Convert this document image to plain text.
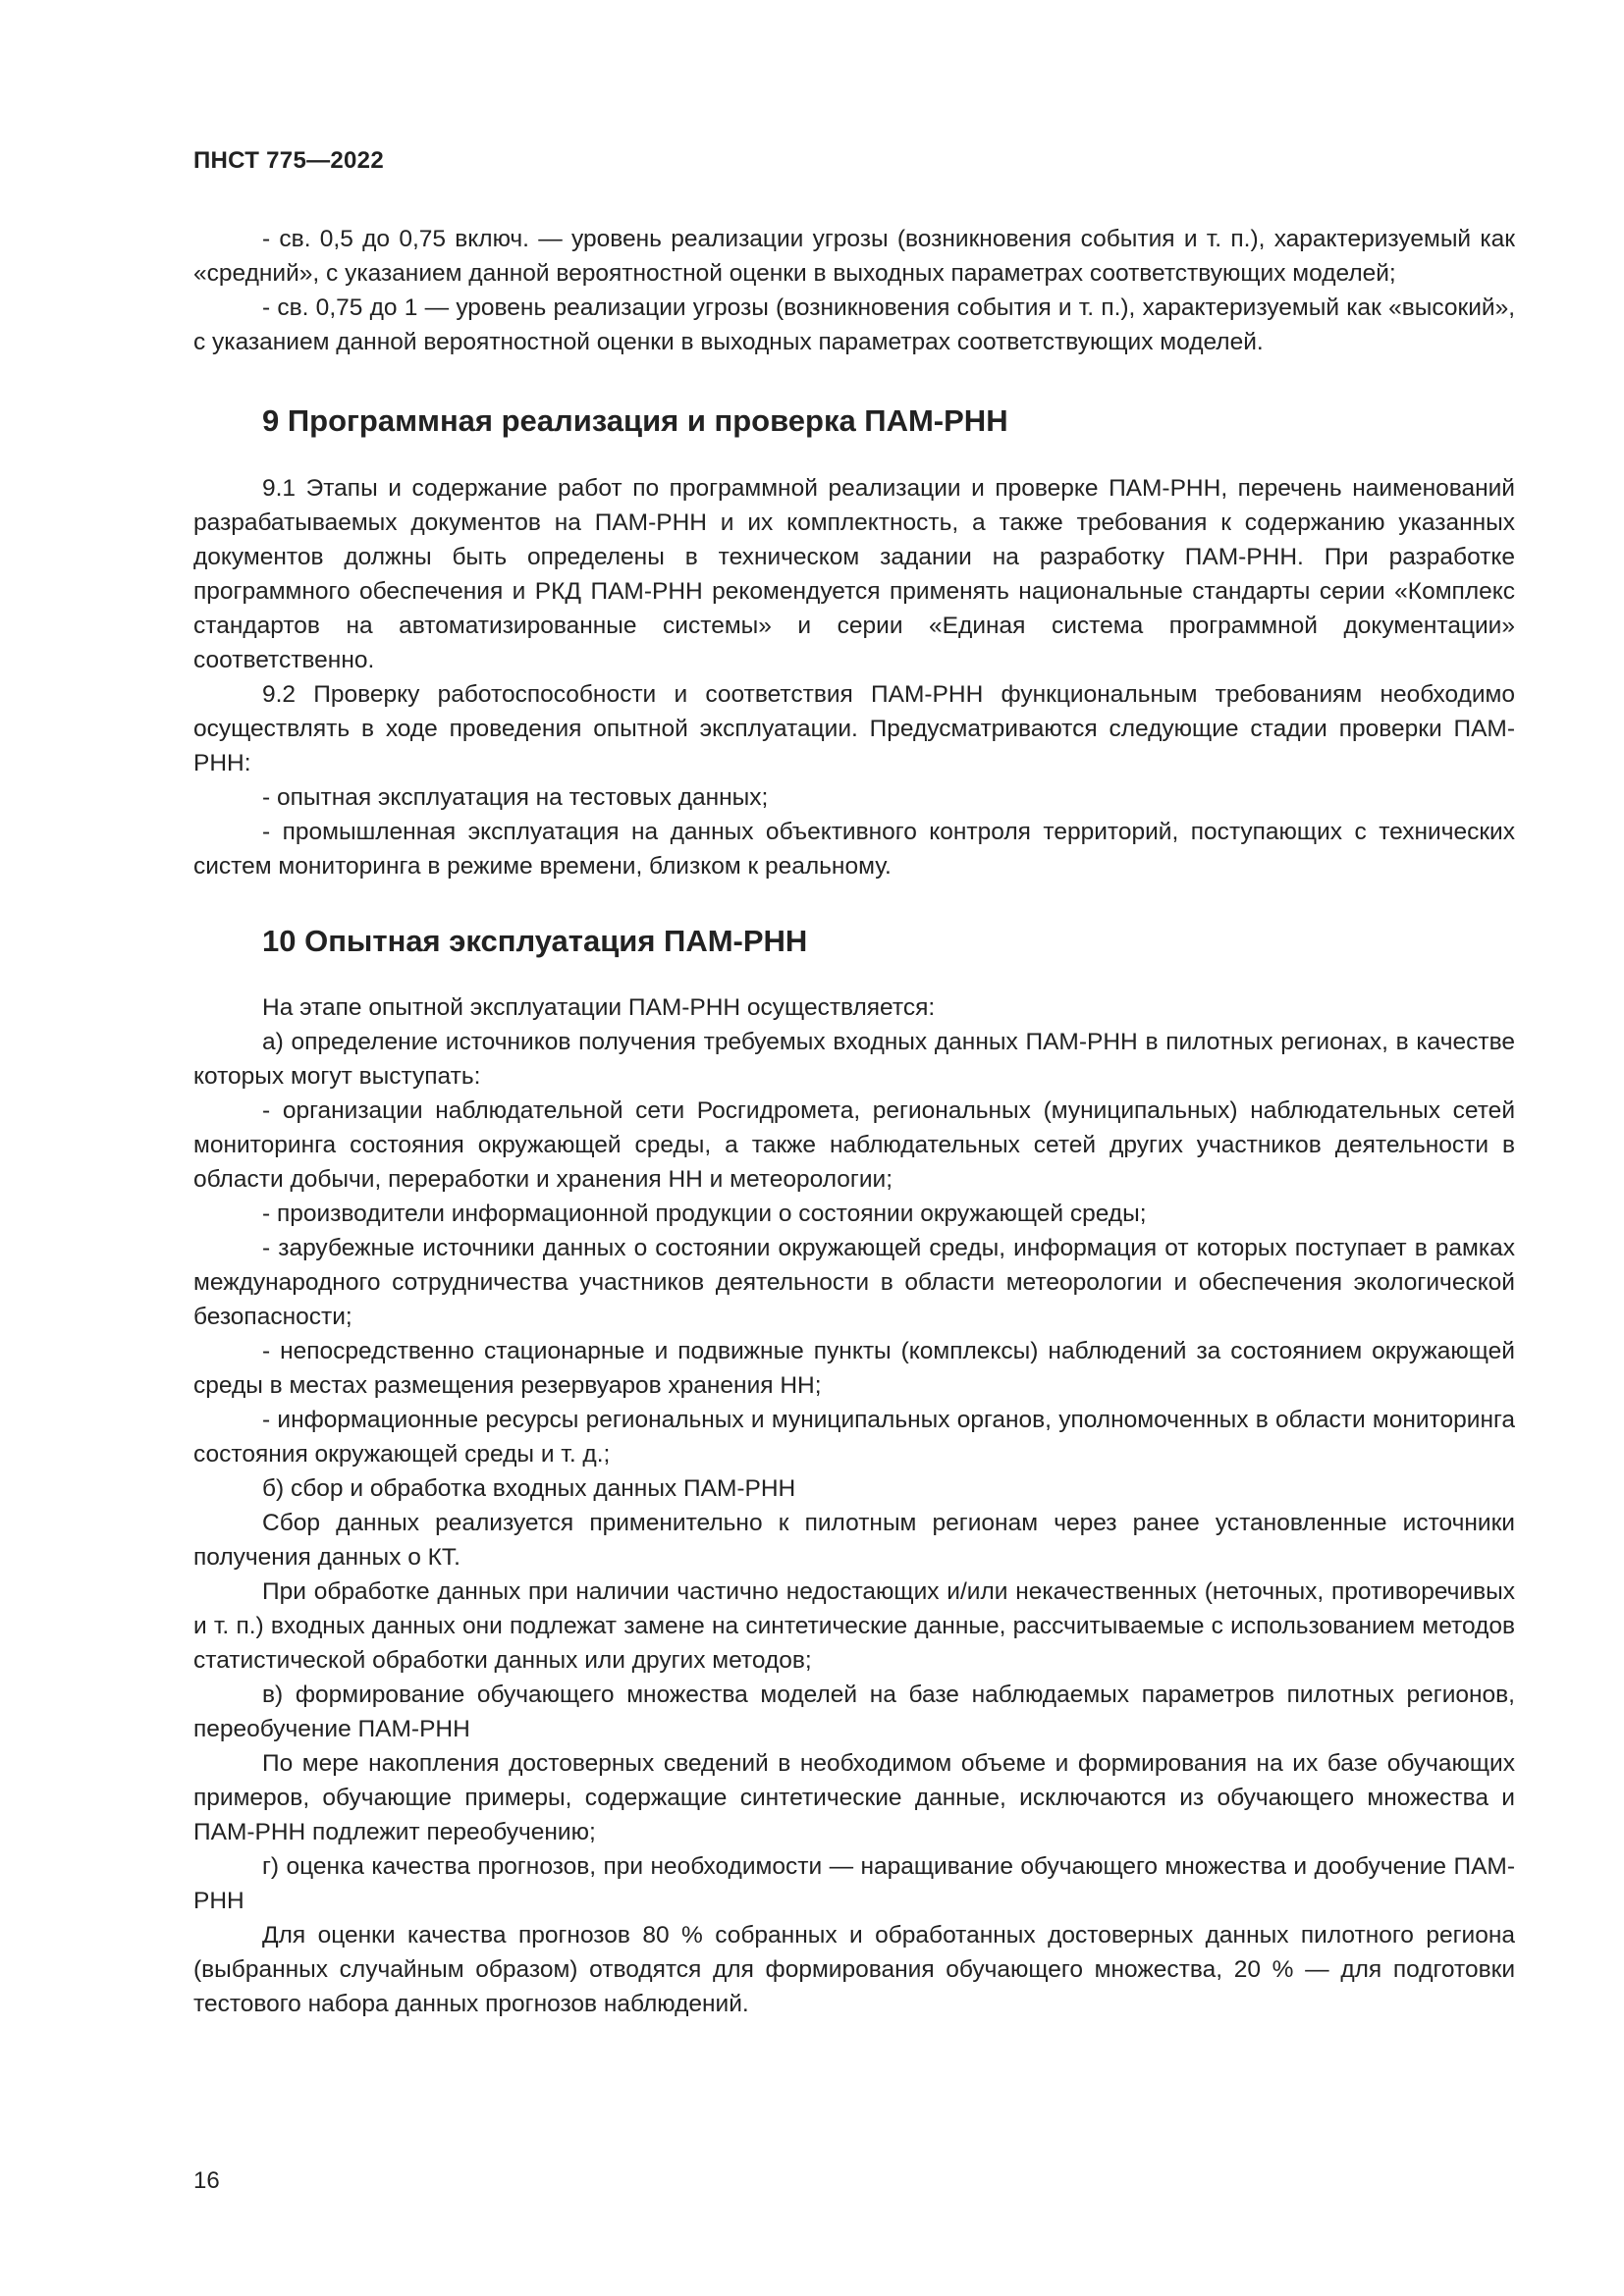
ПНСТ 775—2022

- св. 0,5 до 0,75 включ. — уровень реализации угрозы (возникновения события и т. п.), характеризуемый как «средний», с указанием данной вероятностной оценки в выходных параметрах соответствующих моделей;

- св. 0,75 до 1 — уровень реализации угрозы (возникновения события и т. п.), характеризуемый как «высокий», с указанием данной вероятностной оценки в выходных параметрах соответствующих моделей.

9 Программная реализация и проверка ПАМ-РНН

9.1 Этапы и содержание работ по программной реализации и проверке ПАМ-РНН, перечень наименований разрабатываемых документов на ПАМ-РНН и их комплектность, а также требования к содержанию указанных документов должны быть определены в техническом задании на разработку ПАМ-РНН. При разработке программного обеспечения и РКД ПАМ-РНН рекомендуется применять национальные стандарты серии «Комплекс стандартов на автоматизированные системы» и серии «Единая система программной документации» соответственно.

9.2 Проверку работоспособности и соответствия ПАМ-РНН функциональным требованиям необходимо осуществлять в ходе проведения опытной эксплуатации. Предусматриваются следующие стадии проверки ПАМ-РНН:

- опытная эксплуатация на тестовых данных;

- промышленная эксплуатация на данных объективного контроля территорий, поступающих с технических систем мониторинга в режиме времени, близком к реальному.

10 Опытная эксплуатация ПАМ-РНН

На этапе опытной эксплуатации ПАМ-РНН осуществляется:

а) определение источников получения требуемых входных данных ПАМ-РНН в пилотных регионах, в качестве которых могут выступать:

- организации наблюдательной сети Росгидромета, региональных (муниципальных) наблюдательных сетей мониторинга состояния окружающей среды, а также наблюдательных сетей других участников деятельности в области добычи, переработки и хранения НН и метеорологии;

- производители информационной продукции о состоянии окружающей среды;

- зарубежные источники данных о состоянии окружающей среды, информация от которых поступает в рамках международного сотрудничества участников деятельности в области метеорологии и обеспечения экологической безопасности;

- непосредственно стационарные и подвижные пункты (комплексы) наблюдений за состоянием окружающей среды в местах размещения резервуаров хранения НН;

- информационные ресурсы региональных и муниципальных органов, уполномоченных в области мониторинга состояния окружающей среды и т. д.;

б) сбор и обработка входных данных ПАМ-РНН

Сбор данных реализуется применительно к пилотным регионам через ранее установленные источники получения данных о КТ.

При обработке данных при наличии частично недостающих и/или некачественных (неточных, противоречивых и т. п.) входных данных они подлежат замене на синтетические данные, рассчитываемые с использованием методов статистической обработки данных или других методов;

в) формирование обучающего множества моделей на базе наблюдаемых параметров пилотных регионов, переобучение ПАМ-РНН

По мере накопления достоверных сведений в необходимом объеме и формирования на их базе обучающих примеров, обучающие примеры, содержащие синтетические данные, исключаются из обучающего множества и ПАМ-РНН подлежит переобучению;

г) оценка качества прогнозов, при необходимости — наращивание обучающего множества и дообучение ПАМ-РНН

Для оценки качества прогнозов 80 % собранных и обработанных достоверных данных пилотного региона (выбранных случайным образом) отводятся для формирования обучающего множества, 20 % — для подготовки тестового набора данных прогнозов наблюдений.

16
